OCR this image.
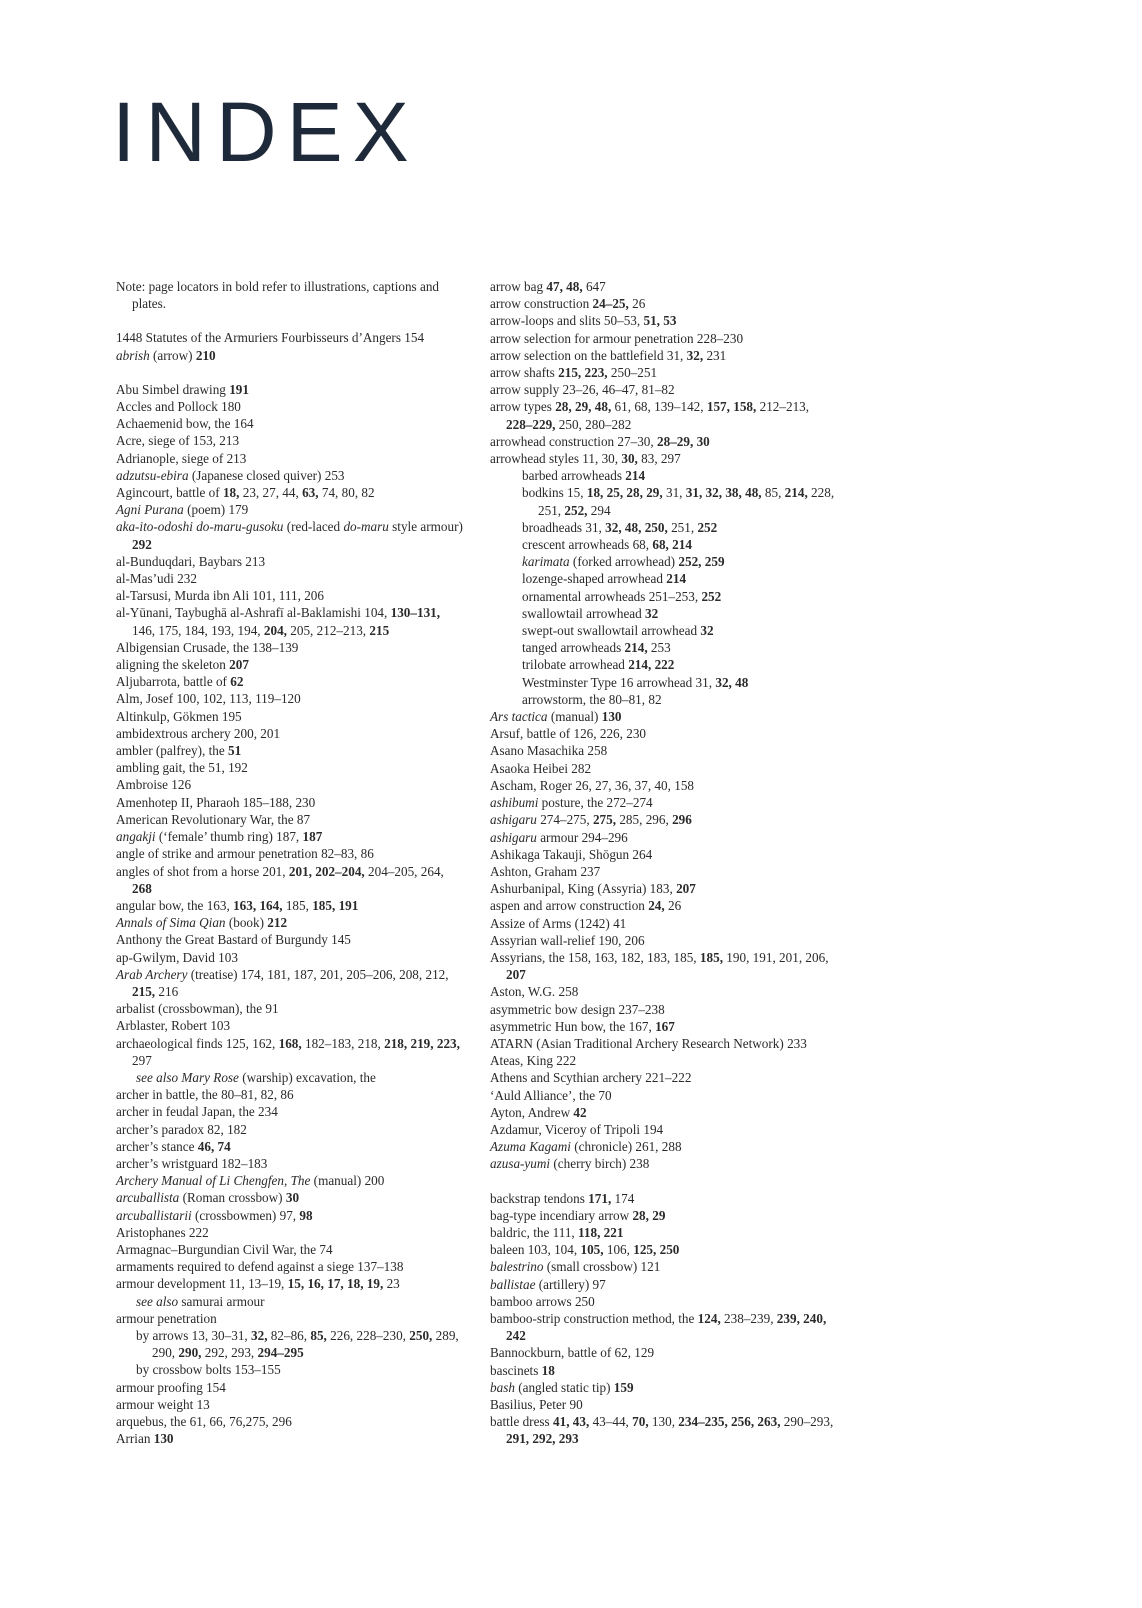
INDEX
Note: page locators in bold refer to illustrations, captions and plates.
1448 Statutes of the Armuriers Fourbisseurs d’Angers 154
abrish (arrow) 210
Abu Simbel drawing 191
Accles and Pollock 180
Achaemenid bow, the 164
Acre, siege of 153, 213
Adrianople, siege of 213
adzutsu-ebira (Japanese closed quiver) 253
Agincourt, battle of 18, 23, 27, 44, 63, 74, 80, 82
Agni Purana (poem) 179
aka-ito-odoshi do-maru-gusoku (red-laced do-maru style armour) 292
al-Bunduqdari, Baybars 213
al-Mas’udi 232
al-Tarsusi, Murda ibn Ali 101, 111, 206
al-Yūnani, Taybughā al-Ashrafī al-Baklamishi 104, 130–131, 146, 175, 184, 193, 194, 204, 205, 212–213, 215
Albigensian Crusade, the 138–139
aligning the skeleton 207
Aljubarrota, battle of 62
Alm, Josef 100, 102, 113, 119–120
Altinkulp, Gökmen 195
ambidextrous archery 200, 201
ambler (palfrey), the 51
ambling gait, the 51, 192
Ambroise 126
Amenhotep II, Pharaoh 185–188, 230
American Revolutionary War, the 87
angakji (‘female’ thumb ring) 187, 187
angle of strike and armour penetration 82–83, 86
angles of shot from a horse 201, 201, 202–204, 204–205, 264, 268
angular bow, the 163, 163, 164, 185, 185, 191
Annals of Sima Qian (book) 212
Anthony the Great Bastard of Burgundy 145
ap-Gwilym, David 103
Arab Archery (treatise) 174, 181, 187, 201, 205–206, 208, 212, 215, 216
arbalist (crossbowman), the 91
Arblaster, Robert 103
archaeological finds 125, 162, 168, 182–183, 218, 218, 219, 223, 297
see also Mary Rose (warship) excavation, the
archer in battle, the 80–81, 82, 86
archer in feudal Japan, the 234
archer’s paradox 82, 182
archer’s stance 46, 74
archer’s wristguard 182–183
Archery Manual of Li Chengfen, The (manual) 200
arcuballista (Roman crossbow) 30
arcuballistarii (crossbowmen) 97, 98
Aristophanes 222
Armagnac–Burgundian Civil War, the 74
armaments required to defend against a siege 137–138
armour development 11, 13–19, 15, 16, 17, 18, 19, 23
see also samurai armour
armour penetration
by arrows 13, 30–31, 32, 82–86, 85, 226, 228–230, 250, 289, 290, 290, 292, 293, 294–295
by crossbow bolts 153–155
armour proofing 154
armour weight 13
arquebus, the 61, 66, 76,275, 296
Arrian 130
arrow bag 47, 48, 647
arrow construction 24–25, 26
arrow-loops and slits 50–53, 51, 53
arrow selection for armour penetration 228–230
arrow selection on the battlefield 31, 32, 231
arrow shafts 215, 223, 250–251
arrow supply 23–26, 46–47, 81–82
arrow types 28, 29, 48, 61, 68, 139–142, 157, 158, 212–213, 228–229, 250, 280–282
arrowhead construction 27–30, 28–29, 30
arrowhead styles 11, 30, 30, 83, 297
barbed arrowheads 214
bodkins 15, 18, 25, 28, 29, 31, 31, 32, 38, 48, 85, 214, 228, 251, 252, 294
broadheads 31, 32, 48, 250, 251, 252
crescent arrowheads 68, 68, 214
karimata (forked arrowhead) 252, 259
lozenge-shaped arrowhead 214
ornamental arrowheads 251–253, 252
swallowtail arrowhead 32
swept-out swallowtail arrowhead 32
tanged arrowheads 214, 253
trilobate arrowhead 214, 222
Westminster Type 16 arrowhead 31, 32, 48
arrowstorm, the 80–81, 82
Ars tactica (manual) 130
Arsuf, battle of 126, 226, 230
Asano Masachika 258
Asaoka Heibei 282
Ascham, Roger 26, 27, 36, 37, 40, 158
ashibumi posture, the 272–274
ashigaru 274–275, 275, 285, 296, 296
ashigaru armour 294–296
Ashikaga Takauji, Shōgun 264
Ashton, Graham 237
Ashurbanipal, King (Assyria) 183, 207
aspen and arrow construction 24, 26
Assize of Arms (1242) 41
Assyrian wall-relief 190, 206
Assyrians, the 158, 163, 182, 183, 185, 185, 190, 191, 201, 206, 207
Aston, W.G. 258
asymmetric bow design 237–238
asymmetric Hun bow, the 167, 167
ATARN (Asian Traditional Archery Research Network) 233
Ateas, King 222
Athens and Scythian archery 221–222
‘Auld Alliance’, the 70
Ayton, Andrew 42
Azdamur, Viceroy of Tripoli 194
Azuma Kagami (chronicle) 261, 288
azusa-yumi (cherry birch) 238
backstrap tendons 171, 174
bag-type incendiary arrow 28, 29
baldric, the 111, 118, 221
baleen 103, 104, 105, 106, 125, 250
balestrino (small crossbow) 121
ballistae (artillery) 97
bamboo arrows 250
bamboo-strip construction method, the 124, 238–239, 239, 240, 242
Bannockburn, battle of 62, 129
bascinets 18
bash (angled static tip) 159
Basilius, Peter 90
battle dress 41, 43, 43–44, 70, 130, 234–235, 256, 263, 290–293, 291, 292, 293
